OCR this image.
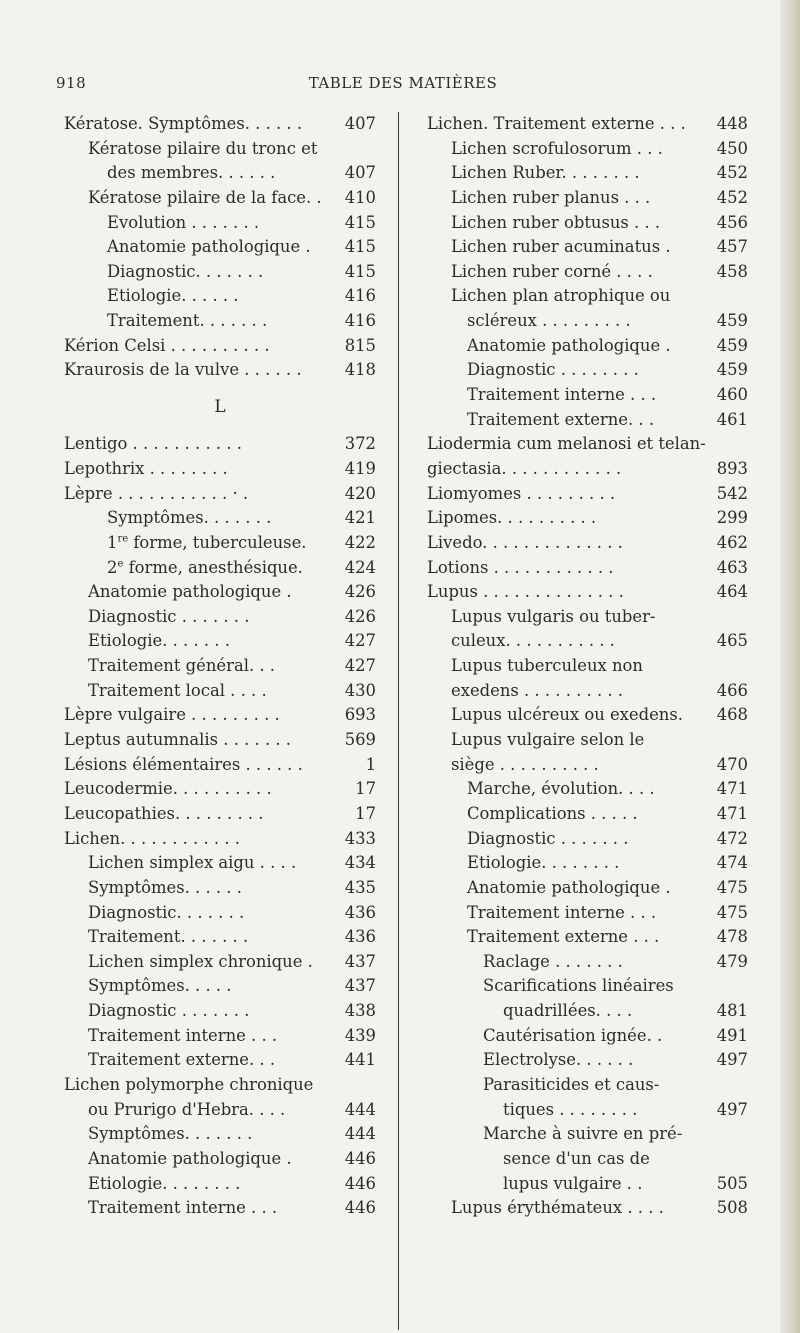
918	TABLE DES MATIÈRES
Kératose. Symptômes. . . . . .	407
Kératose pilaire du tronc et
des membres. . . . . .	407
Kératose pilaire de la face. . 410
Evolution . . . . . . .	415
Anatomie pathologique . 415
Diagnostic. . . . . . .	415
Etiologie. . . . . .	416
Traitement. . . . . . .	416
Kérion Celsi . . . . . . . . . .	815
Kraurosis de la vulve . . . . . .	418
L
Lentigo . . . . . . . . . . .	372
Lepothrix . . . . . . . .	419
Lèpre . . . . . . . . . . . · .	420
Symptômes. . . . . . .	421
1re forme, tuberculeuse. 422
2e forme, anesthésique.	424
Anatomie pathologique .	426
Diagnostic . . . . . . .	426
Etiologie. . . . . . .	427
Traitement général. . .	427
Traitement local . . . .	430
Lèpre vulgaire . . . . . . . . .	693
Leptus autumnalis . . . . . . .	569
Lésions élémentaires . . . . . .	1
Leucodermie. . . . . . . . . .	17
Leucopathies. . . . . . . . .	17
Lichen. . . . . . . . . . . .	433
Lichen simplex aigu . . . .	434
Symptômes. . . . . .	435
Diagnostic. . . . . . .	436
Traitement. . . . . . .	436
Lichen simplex chronique . 437
Symptômes. . . . .	437
Diagnostic . . . . . . .	438
Traitement interne . . .	439
Traitement externe. . .	441
Lichen polymorphe chronique
ou Prurigo d'Hebra. . . .	444
Symptômes. . . . . . .	444
Anatomie pathologique .	446
Etiologie. . . . . . . .	446
Traitement interne . . .	446
Lichen. Traitement externe . . . 448
Lichen scrofulosorum . . .	450
Lichen Ruber. . . . . . . .	452
Lichen ruber planus . . .	452
Lichen ruber obtusus . . .	456
Lichen ruber acuminatus .	457
Lichen ruber corné . . . .	458
Lichen plan atrophique ou
scléreux . . . . . . . . .	459
Anatomie pathologique .	459
Diagnostic . . . . . . . .	459
Traitement interne . . .	460
Traitement externe. . .	461
Liodermia cum melanosi et telan-
giectasia. . . . . . . . . . . .	893
Liomyomes . . . . . . . . .	542
Lipomes. . . . . . . . . .	299
Livedo. . . . . . . . . . . . . .	462
Lotions . . . . . . . . . . . .	463
Lupus . . . . . . . . . . . . . .	464
Lupus vulgaris ou tuber-
culeux. . . . . . . . . . .	465
Lupus tuberculeux non
exedens . . . . . . . . . .	466
Lupus ulcéreux ou exedens. 468
Lupus vulgaire selon le
siège . . . . . . . . . .	470
Marche, évolution. . . .	471
Complications . . . . .	471
Diagnostic . . . . . . .	472
Etiologie. . . . . . . .	474
Anatomie pathologique .	475
Traitement interne . . .	475
Traitement externe . . .	478
Raclage . . . . . . .	479
Scarifications linéaires
quadrillées. . . .	481
Cautérisation ignée. .	491
Electrolyse. . . . . .	497
Parasiticides et caus-
tiques . . . . . . . .	497
Marche à suivre en pré-
sence d'un cas de
lupus vulgaire . .	505
Lupus érythémateux . . . .	508
